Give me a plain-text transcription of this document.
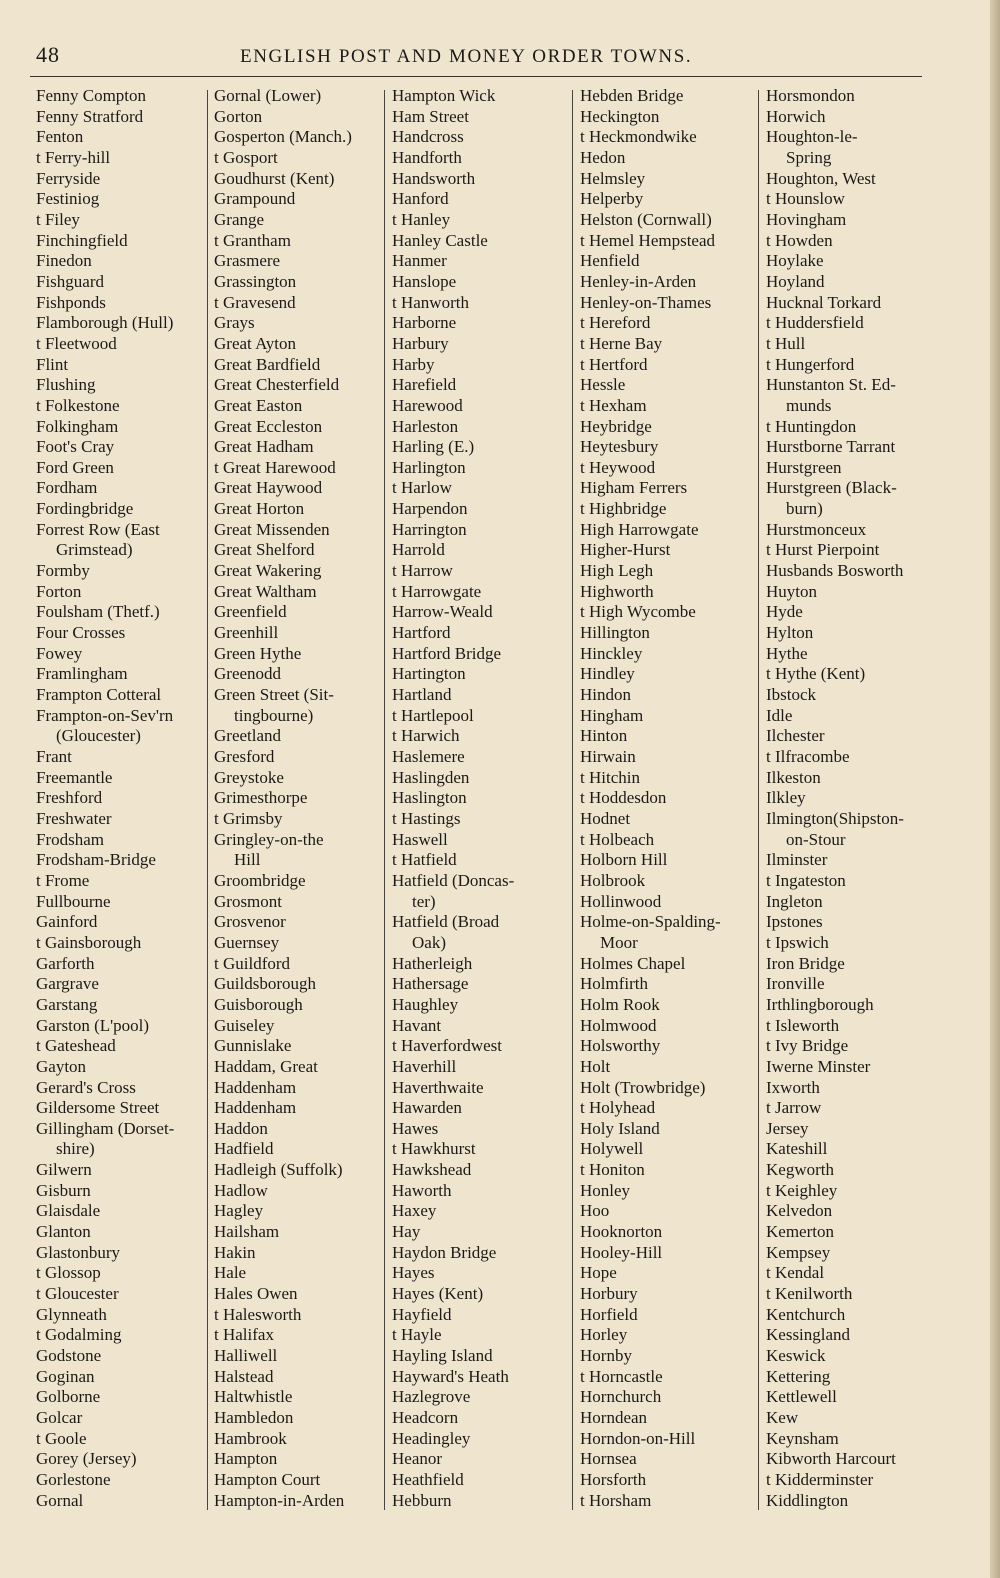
48	ENGLISH POST AND MONEY ORDER TOWNS.
Fenny Compton
Fenny Stratford
Fenton
t Ferry-hill
Ferryside
Festiniog
t Filey
Finchingfield
Finedon
Fishguard
Fishponds
Flamborough (Hull)
t Fleetwood
Flint
Flushing
t Folkestone
Folkingham
Foot's Cray
Ford Green
Fordham
Fordingbridge
Forrest Row (East
Grimstead)
Formby
Forton
Foulsham (Thetf.)
Four Crosses
Fowey
Framlingham
Frampton Cotteral
Frampton-on-Sev'rn
(Gloucester)
Frant
Freemantle
Freshford
Freshwater
Frodsham
Frodsham-Bridge
t Frome
Fullbourne
Gainford
t Gainsborough
Garforth
Gargrave
Garstang
Garston (L'pool)
t Gateshead
Gayton
Gerard's Cross
Gildersome Street
Gillingham (Dorset-
shire)
Gilwern
Gisburn
Glaisdale
Glanton
Glastonbury
t Glossop
t Gloucester
Glynneath
t Godalming
Godstone
Goginan
Golborne
Golcar
t Goole
Gorey (Jersey)
Gorlestone
Gornal
Gornal (Lower)
Gorton
Gosperton (Manch.)
t Gosport
Goudhurst (Kent)
Grampound
Grange
t Grantham
Grasmere
Grassington
t Gravesend
Grays
Great Ayton
Great Bardfield
Great Chesterfield
Great Easton
Great Eccleston
Great Hadham
t Great Harewood
Great Haywood
Great Horton
Great Missenden
Great Shelford
Great Wakering
Great Waltham
Greenfield
Greenhill
Green Hythe
Greenodd
Green Street (Sit-
tingbourne)
Greetland
Gresford
Greystoke
Grimesthorpe
t Grimsby
Gringley-on-the
Hill
Groombridge
Grosmont
Grosvenor
Guernsey
t Guildford
Guildsborough
Guisborough
Guiseley
Gunnislake
Haddam, Great
Haddenham
Haddenham
Haddon
Hadfield
Hadleigh (Suffolk)
Hadlow
Hagley
Hailsham
Hakin
Hale
Hales Owen
t Halesworth
t Halifax
Halliwell
Halstead
Haltwhistle
Hambledon
Hambrook
Hampton
Hampton Court
Hampton-in-Arden
Hampton Wick
Ham Street
Handcross
Handforth
Handsworth
Hanford
t Hanley
Hanley Castle
Hanmer
Hanslope
t Hanworth
Harborne
Harbury
Harby
Harefield
Harewood
Harleston
Harling (E.)
Harlington
t Harlow
Harpendon
Harrington
Harrold
t Harrow
t Harrowgate
Harrow-Weald
Hartford
Hartford Bridge
Hartington
Hartland
t Hartlepool
t Harwich
Haslemere
Haslingden
Haslington
t Hastings
Haswell
t Hatfield
Hatfield (Doncas-
ter)
Hatfield (Broad
Oak)
Hatherleigh
Hathersage
Haughley
Havant
t Haverfordwest
Haverhill
Haverthwaite
Hawarden
Hawes
t Hawkhurst
Hawkshead
Haworth
Haxey
Hay
Haydon Bridge
Hayes
Hayes (Kent)
Hayfield
t Hayle
Hayling Island
Hayward's Heath
Hazlegrove
Headcorn
Headingley
Heanor
Heathfield
Hebburn
Hebden Bridge
Heckington
t Heckmondwike
Hedon
Helmsley
Helperby
Helston (Cornwall)
t Hemel Hempstead
Henfield
Henley-in-Arden
Henley-on-Thames
t Hereford
t Herne Bay
t Hertford
Hessle
t Hexham
Heybridge
Heytesbury
t Heywood
Higham Ferrers
t Highbridge
High Harrowgate
Higher-Hurst
High Legh
Highworth
t High Wycombe
Hillington
Hinckley
Hindley
Hindon
Hingham
Hinton
Hirwain
t Hitchin
t Hoddesdon
Hodnet
t Holbeach
Holborn Hill
Holbrook
Hollinwood
Holme-on-Spalding-
Moor
Holmes Chapel
Holmfirth
Holm Rook
Holmwood
Holsworthy
Holt
Holt (Trowbridge)
t Holyhead
Holy Island
Holywell
t Honiton
Honley
Hoo
Hooknorton
Hooley-Hill
Hope
Horbury
Horfield
Horley
Hornby
t Horncastle
Hornchurch
Horndean
Horndon-on-Hill
Hornsea
Horsforth
t Horsham
Horsmondon
Horwich
Houghton-le-
Spring
Houghton, West
t Hounslow
Hovingham
t Howden
Hoylake
Hoyland
Hucknal Torkard
t Huddersfield
t Hull
t Hungerford
Hunstanton St. Ed-
munds
t Huntingdon
Hurstborne Tarrant
Hurstgreen
Hurstgreen (Black-
burn)
Hurstmonceux
t Hurst Pierpoint
Husbands Bosworth
Huyton
Hyde
Hylton
Hythe
t Hythe (Kent)
Ibstock
Idle
Ilchester
t Ilfracombe
Ilkeston
Ilkley
Ilmington(Shipston-
on-Stour
Ilminster
t Ingateston
Ingleton
Ipstones
t Ipswich
Iron Bridge
Ironville
Irthlingborough
t Isleworth
t Ivy Bridge
Iwerne Minster
Ixworth
t Jarrow
Jersey
Kateshill
Kegworth
t Keighley
Kelvedon
Kemerton
Kempsey
t Kendal
t Kenilworth
Kentchurch
Kessingland
Keswick
Kettering
Kettlewell
Kew
Keynsham
Kibworth Harcourt
t Kidderminster
Kiddlington
